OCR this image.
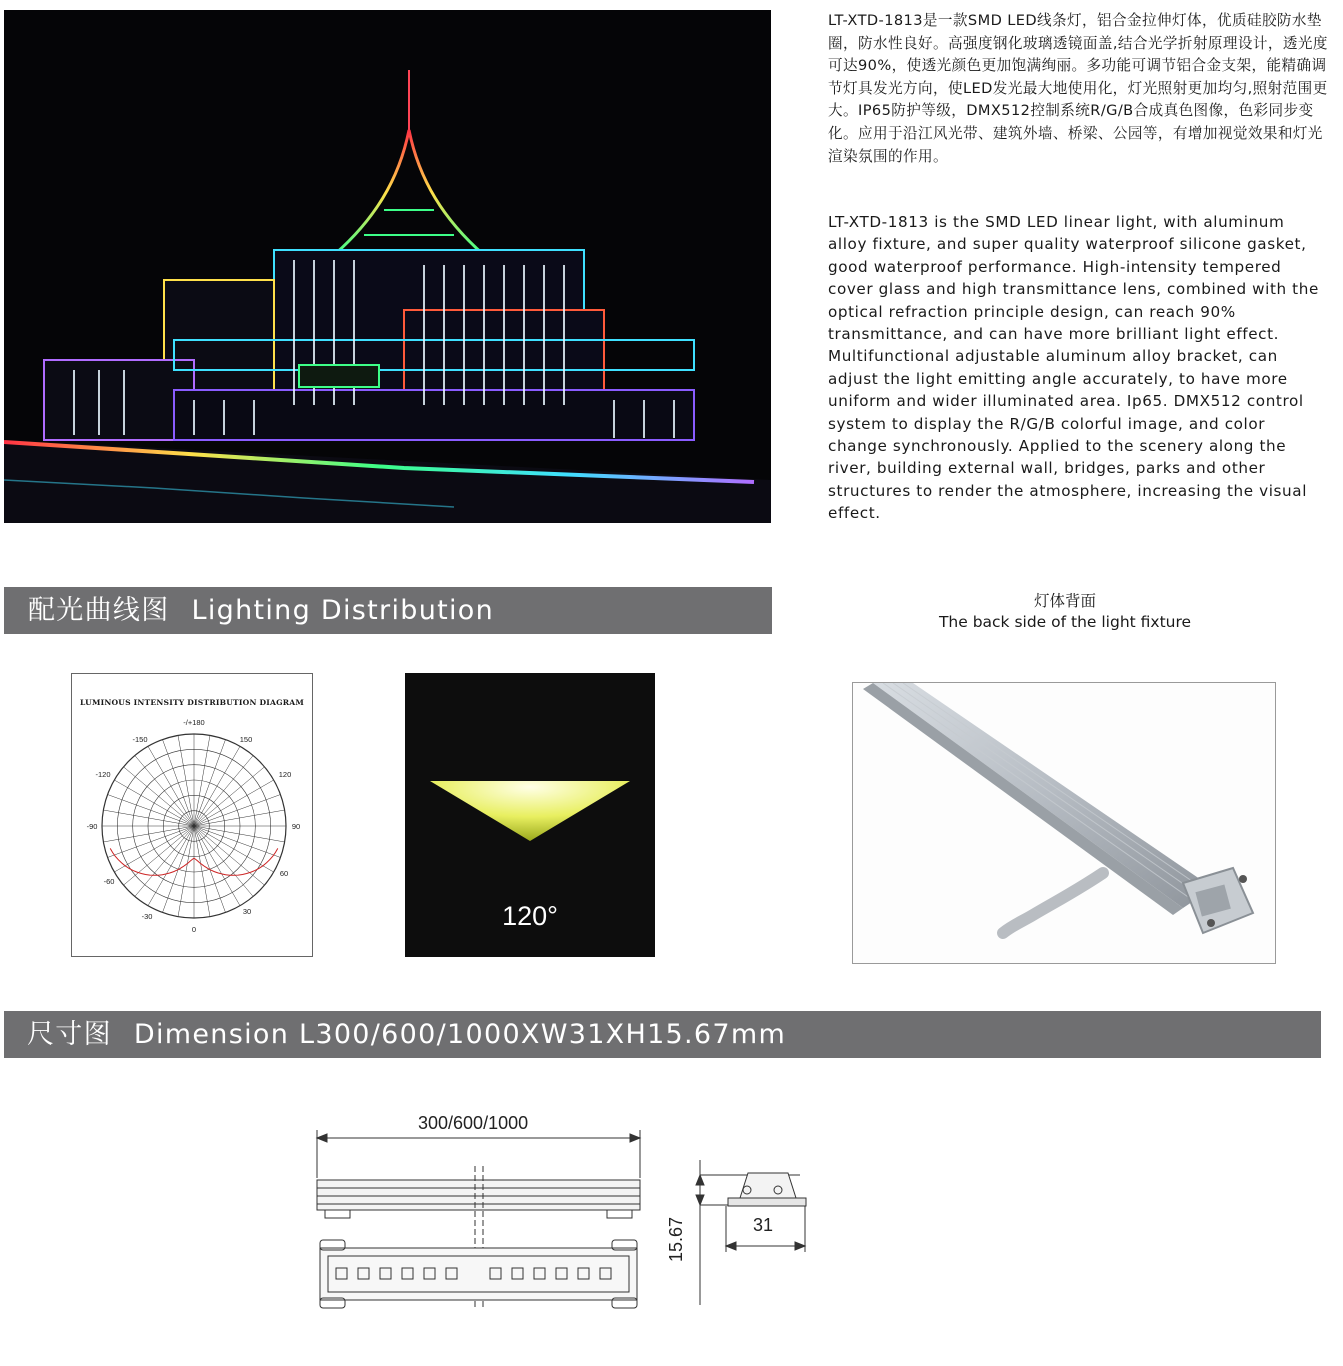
LT-XTD-1813是一款SMD LED线条灯，铝合金拉伸灯体，优质硅胶防水垫圈，防水性良好。高强度钢化玻璃透镜面盖,结合光学折射原理设计，透光度可达90%，使透光颜色更加饱满绚丽。多功能可调节铝合金支架，能精确调节灯具发光方向，使LED发光最大地使用化，灯光照射更加均匀,照射范围更大。IP65防护等级，DMX512控制系统R/G/B合成真色图像，色彩同步变化。应用于沿江风光带、建筑外墙、桥梁、公园等，有增加视觉效果和灯光渲染氛围的作用。

LT-XTD-1813 is the SMD LED linear light, with aluminum alloy fixture, and super quality waterproof silicone gasket, good waterproof performance. High-intensity tempered cover glass and high transmittance lens, combined with the optical refraction principle design, can reach 90% transmittance, and can have more brilliant light effect. Multifunctional adjustable aluminum alloy bracket, can adjust the light emitting angle accurately, to have more uniform and wider illuminated area. Ip65. DMX512 control system to display the R/G/B colorful image, and color change synchronously. Applied to the scenery along the river, building external wall, bridges, parks and other structures to render the atmosphere, increasing the visual effect.

配光曲线图 Lighting Distribution	灯体背面
The back side of the light fixture
LUMINOUS INTENSITY DISTRIBUTION DIAGRAM
-/+180
-150	150
-120	120
-90	90
-60
60
-30
30
0	120°
尺寸图 Dimension L300/600/1000XW31XH15.67mm
300/600/1000
31
15.67
